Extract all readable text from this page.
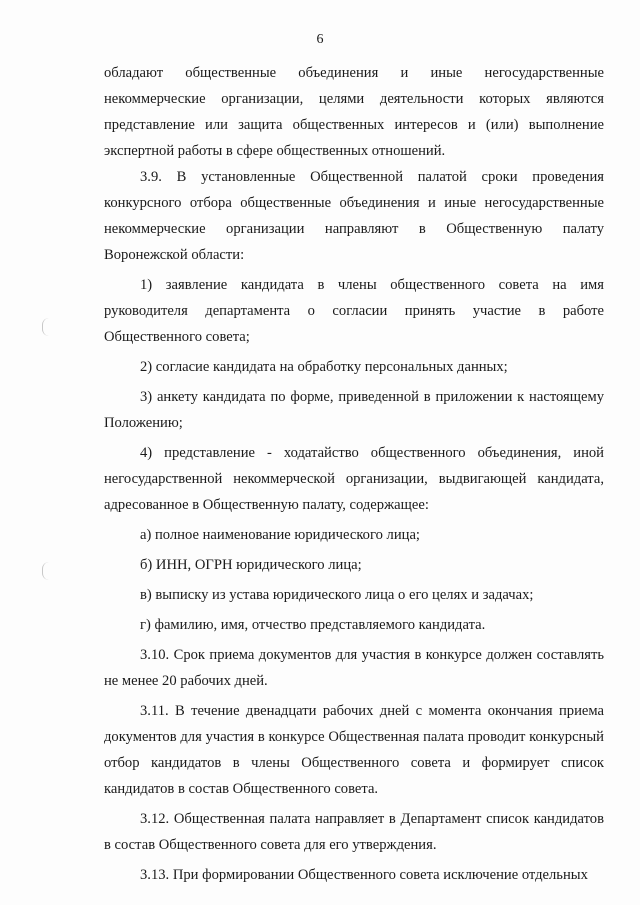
6

обладают общественные объединения и иные негосударственные некоммерческие организации, целями деятельности которых являются представление или защита общественных интересов и (или) выполнение экспертной работы в сфере общественных отношений.

3.9. В установленные Общественной палатой сроки проведения конкурсного отбора общественные объединения и иные негосударственные некоммерческие организации направляют в Общественную палату Воронежской области:

1) заявление кандидата в члены общественного совета на имя руководителя департамента о согласии принять участие в работе Общественного совета;

2) согласие кандидата на обработку персональных данных;

3) анкету кандидата по форме, приведенной в приложении к настоящему Положению;

4) представление - ходатайство общественного объединения, иной негосударственной некоммерческой организации, выдвигающей кандидата, адресованное в Общественную палату, содержащее:

а) полное наименование юридического лица;

б) ИНН, ОГРН юридического лица;

в) выписку из устава юридического лица о его целях и задачах;

г) фамилию, имя, отчество представляемого кандидата.

3.10. Срок приема документов для участия в конкурсе должен составлять не менее 20 рабочих дней.

3.11. В течение двенадцати рабочих дней с момента окончания приема документов для участия в конкурсе Общественная палата проводит конкурсный отбор кандидатов в члены Общественного совета и формирует список кандидатов в состав Общественного совета.

3.12. Общественная палата направляет в Департамент список кандидатов в состав Общественного совета для его утверждения.

3.13. При формировании Общественного совета исключение отдельных
